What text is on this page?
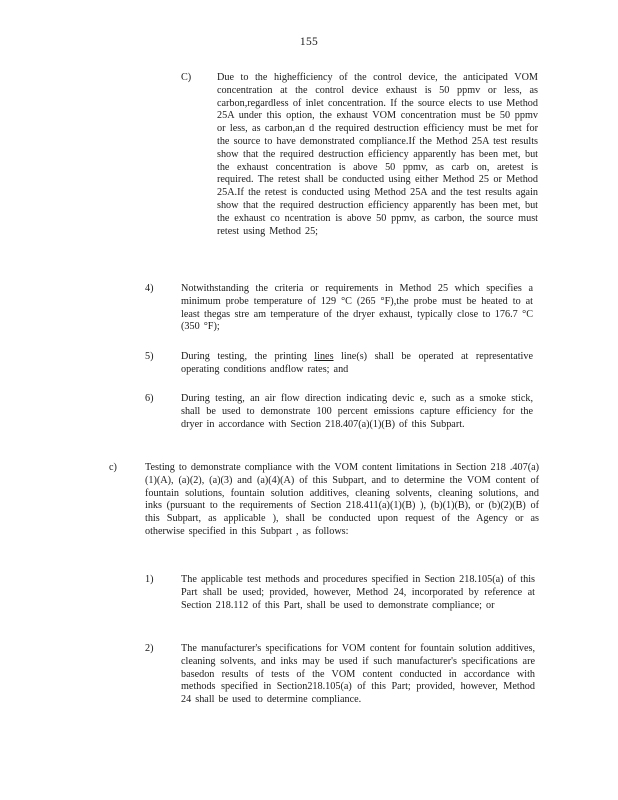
155
C)	Due to the highefficiency of the control device, the anticipated VOM concentration at the control device exhaust is 50 ppmv or less, as carbon,regardless of inlet concentration. If the source elects to use Method 25A under this option, the exhaust VOM concentration must be 50 ppmv or less, as carbon,an d the required destruction efficiency must be met for the source to have demonstrated compliance.If the Method 25A test results show that the required destruction efficiency apparently has been met, but the exhaust concentration is above 50 ppmv, as carb on, aretest is required. The retest shall be conducted using either Method 25 or Method 25A.If the retest is conducted using Method 25A and the test results again show that the required destruction efficiency apparently has been met, but the exhaust co ncentration is above 50 ppmv, as carbon, the source must retest using Method 25;
4)	Notwithstanding the criteria or requirements in Method 25 which specifies a minimum probe temperature of 129 °C (265 °F),the probe must be heated to at least thegas stre am temperature of the dryer exhaust, typically close to 176.7 °C (350 °F);
5)	During testing, the printing lines line(s) shall be operated at representative operating conditions andflow rates; and
6)	During testing, an air flow direction indicating devic e, such as a smoke stick, shall be used to demonstrate 100 percent emissions capture efficiency for the dryer in accordance with Section 218.407(a)(1)(B) of this Subpart.
c)	Testing to demonstrate compliance with the VOM content limitations in Section 218 .407(a)(1)(A), (a)(2), (a)(3) and (a)(4)(A) of this Subpart, and to determine the VOM content of fountain solutions, fountain solution additives, cleaning solvents, cleaning solutions, and inks (pursuant to the requirements of Section 218.411(a)(1)(B) ), (b)(1)(B), or (b)(2)(B) of this Subpart, as applicable ), shall be conducted upon request of the Agency or as otherwise specified in this Subpart , as follows:
1)	The applicable test methods and procedures specified in Section 218.105(a) of this Part shall be used; provided, however, Method 24, incorporated by reference at Section 218.112 of this Part, shall be used to demonstrate compliance; or
2)	The manufacturer's specifications for VOM content for fountain solution additives, cleaning solvents, and inks may be used if such manufacturer's specifications are basedon results of tests of the VOM content conducted in accordance with methods specified in Section218.105(a) of this Part; provided, however, Method 24 shall be used to determine compliance.
